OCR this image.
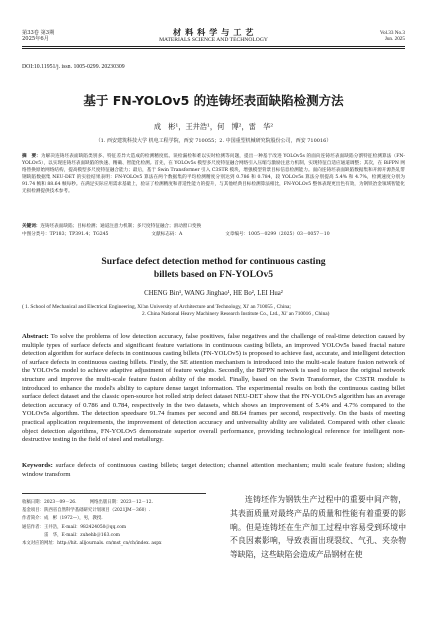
第33卷 第3期
2025年6月
材 料 科 学 与 工 艺
MATERIALS SCIENCE AND TECHNOLOGY
Vol.33 No.3
Jun. 2025
DOI:10.11951/j. issn. 1005-0299. 20230309
基于 FN-YOLOv5 的连铸坯表面缺陷检测方法
成　彬¹，王井浩¹，何　博²，雷　华²
（1. 西安建筑科技大学 机电工程学院，西安 710055；2. 中国重型机械研究院股份公司，西安 710016）
摘　要：为解决连铸坯表面缺陷类别多、特征差异大造成的检测精度低、误检漏检和难以实时检测等问题，提出一种基于改进 YOLOv5s 的面向连铸坯表面缺陷分割特征检测算法（FN-YOLOv5），以实现连铸坯表面缺陷的快速、精确、智能化检测。首先，在 YOLOv5s 模型多尺度特征融合网络引入压缩与激励注意力机制，实现特征自适应通道调整；其次，在 BiFPN 网络替换原始网络结构，提高模型多尺度特征融合能力；最后，基于 Swin Transformer 引入 C3STR 模块，增强模型背景目标信息检测能力。面向连铸坯表面缺陷数据集和开源开源热轧带钢缺陷数据集 NEU-DET 的实验结果表明：FN-YOLOv5 算法在两个数据集的平均检测精度分别达到 0.786 和 0.784，较 YOLOv5s 算法分别提高 5.4% 和 4.7%，检测速度分别为 91.74 帧和 88.64 帧每秒。在满足实际应用需求基础上，验证了检测精度和普适性能力的提升，与其他经典目标检测算法相比，FN-YOLOv5 整体表现更出色有效，为钢铁冶金领域智能化无损检测提供技术参考。
关键词：连铸坯表面缺陷；目标检测；通道注意力机制；多尺度特征融合；滑动窗口变换
中图分类号：TP183；TP391.4；TG245	文献标志码：A	文章编号：1005－0299（2025）03－0057－10
Surface defect detection method for continuous casting
billets based on FN-YOLOv5
CHENG Bin¹, WANG Jinghao¹, HE Bo², LEI Hua²
( 1. School of Mechanical and Electrical Engineering, Xi'an University of Architecture and Technology, Xi' an 710055 , China;
2. China National Heavy Machinery Research Institute Co., Ltd., Xi' an 710016 , China)
Abstract: To solve the problems of low detection accuracy, false positives, false negatives and the challenge of real-time detection caused by multiple types of surface defects and significant feature variations in continuous casting billets, an improved YOLOv5s based fractal nature detection algorithm for surface defects in continuous casting billets (FN-YOLOv5) is proposed to achieve fast, accurate, and intelligent detection of surface defects in continuous casting billets. Firstly, the SE attention mechanism is introduced into the multi-scale feature fusion network of the YOLOv5s model to achieve adaptive adjustment of feature weights. Secondly, the BiFPN network is used to replace the original network structure and improve the multi-scale feature fusion ability of the model. Finally, based on the Swin Transformer, the C3STR module is introduced to enhance the model's ability to capture dense target information. The experimental results on both the continuous casting billet surface defect dataset and the classic open-source hot rolled strip defect dataset NEU-DET show that the FN-YOLOv5 algorithm has an average detection accuracy of 0.786 and 0.784, respectively in the two datasets, which shows an improvement of 5.4% and 4.7% compared to the YOLOv5s algorithm. The detection speedsare 91.74 frames per second and 88.64 frames per second, respectively. On the basis of meeting practical application requirements, the improvement of detection accuracy and universality ability are validated. Compared with other classic object detection algorithms, FN-YOLOv5 demonstrate superior overall performance, providing technological reference for intelligent non-destructive testing in the field of steel and metallurgy.
Keywords: surface defects of continuous casting billets; target detection; channel attention mechanism; multi scale feature fusion; sliding window transform
收稿日期：2023－09－26.　　　网络出版日期：2023－12－12.
基金项目：陕西省自然科学基础研究计划项目（2021JM－360）.
作者简介：成　彬（1972—），男，教授.
通信作者：王井浩，E-mail：982424050＠qq.com
　　　　　雷　华，E-mail：zuhehb＠163.com
本文对应的网址：http://hit. alljournals. cn/mst_cn/ch/index. aspx
连铸坯作为钢铁生产过程中的重要中间产物，其表面质量对最终产品的质量和性能有着重要的影响。但是连铸坯在生产加工过程中容易受到环境中不良因素影响，导致表面出现裂纹、气孔、夹杂物等缺陷，这些缺陷会造成产品钢材在使
